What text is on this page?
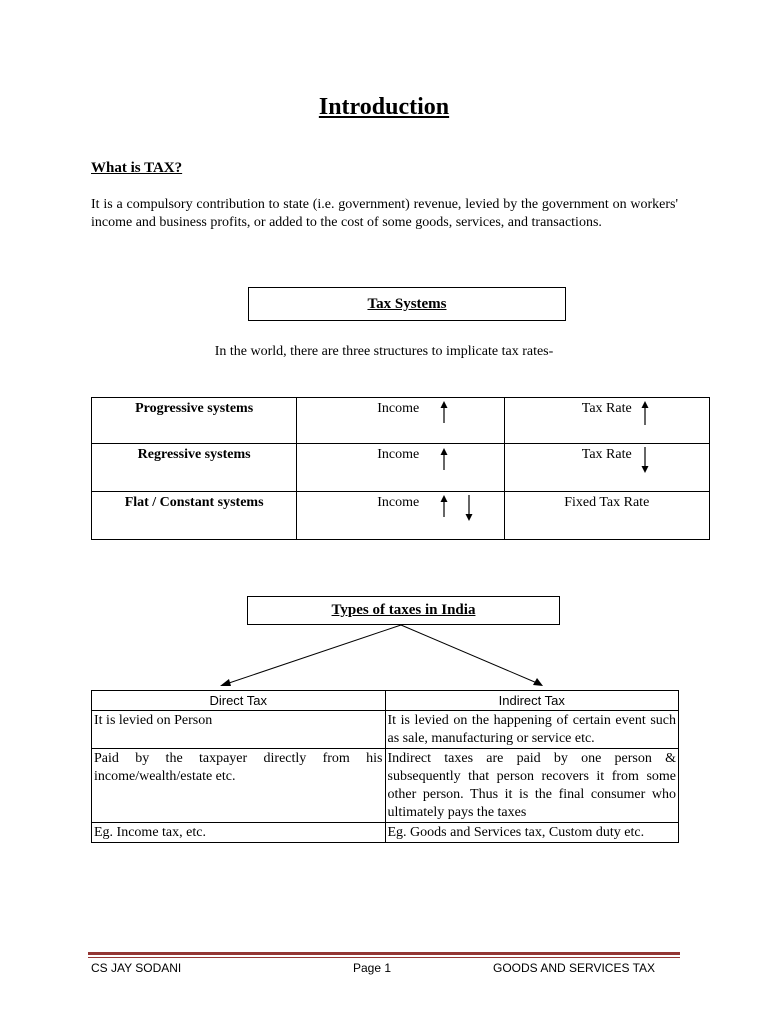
Introduction
What is TAX?
It is a compulsory contribution to state (i.e. government) revenue, levied by the government on workers' income and business profits, or added to the cost of some goods, services, and transactions.
Tax Systems
In the world, there are three structures to implicate tax rates-
Progressive systems	Income	Tax Rate

Regressive systems	Income	Tax Rate

Flat / Constant systems	Income	Fixed Tax Rate
Types of taxes in India
Direct Tax	Indirect Tax
It is levied on Person	It is levied on the happening of certain event such as sale, manufacturing or service etc.
Paid by the taxpayer directly from his income/wealth/estate etc.	Indirect taxes are paid by one person & subsequently that person recovers it from some other person. Thus it is the final consumer who ultimately pays the taxes
Eg. Income tax, etc.	Eg. Goods and Services tax, Custom duty etc.
CS JAY SODANI	Page 1	GOODS AND SERVICES TAX
